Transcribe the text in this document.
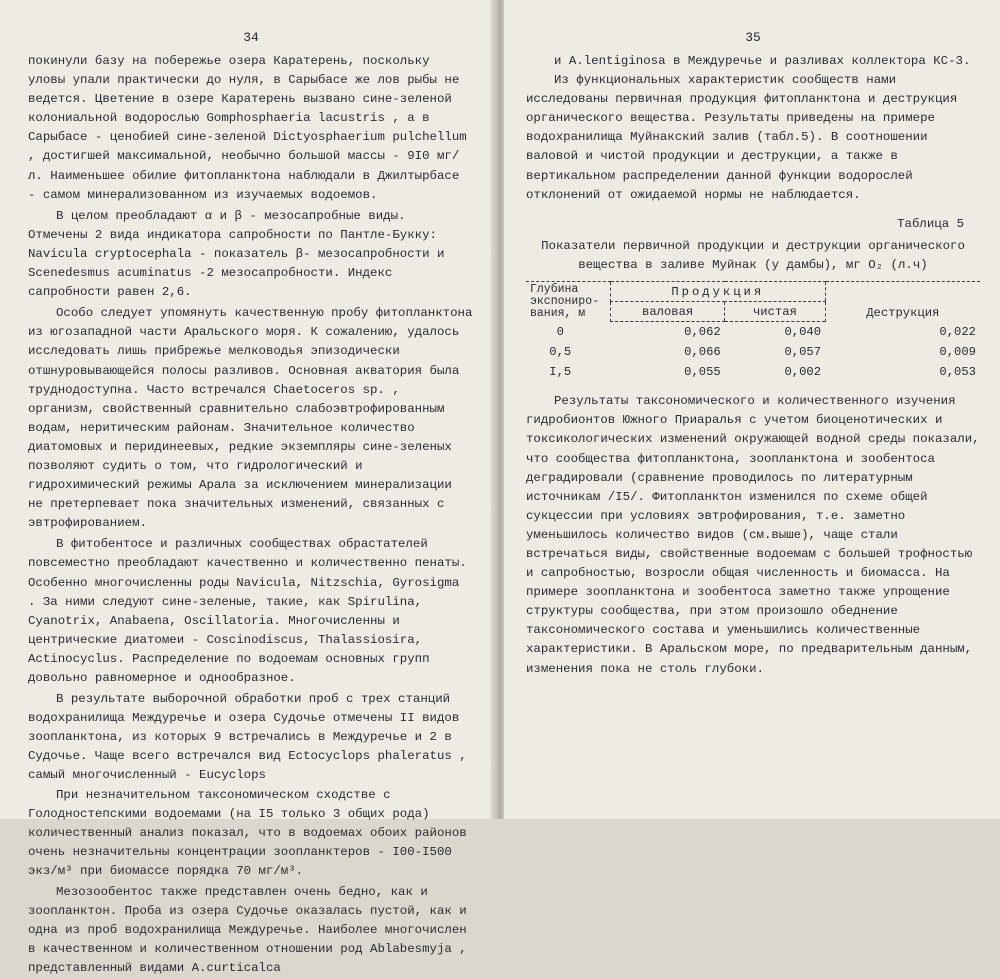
34

покинули базу на побережье озера Каратерень, поскольку уловы упали практически до нуля, в Сарыбасе же лов рыбы не ведется. Цветение в озере Каратерень вызвано сине-зеленой колониальной водорослью Gomphosphaeria lacustris , а в Сарыбасе - ценобией сине-зеленой Dictyosphaerium pulchellum , достигшей максимальной, необычно большой массы - 9I0 мг/л. Наименьшее обилие фитопланктона наблюдали в Джилтырбасе - самом минерализованном из изучаемых водоемов.

В целом преобладают α и β - мезосапробные виды.

Отмечены 2 вида индикатора сапробности по Пантле-Букку: Navicula cryptocephala - показатель β- мезосапробности и Scenedesmus acuminatus -2 мезосапробности. Индекс сапробности равен 2,6.

Особо следует упомянуть качественную пробу фитопланктона из югозападной части Аральского моря. К сожалению, удалось исследовать лишь прибрежье мелководья эпизодически отшнуровывающейся полосы разливов. Основная акватория была труднодоступна. Часто встречался Chaetoceros sp. , организм, свойственный сравнительно слабоэвтрофированным водам, неритическим районам. Значительное количество диатомовых и перидинеевых, редкие экземпляры сине-зеленых позволяют судить о том, что гидрологический и гидрохимический режимы Арала за исключением минерализации не претерпевает пока значительных изменений, связанных с эвтрофированием.

В фитобентосе и различных сообществах обрастателей повсеместно преобладают качественно и количественно пенаты. Особенно многочисленны роды Navicula, Nitzschia, Gyrosigma . За ними следуют сине-зеленые, такие, как Spirulina, Cyanotrix, Anabaena, Oscillatoria. Многочисленны и центрические диатомеи - Coscinodiscus, Thalassiosira, Actinocyclus. Распределение по водоемам основных групп довольно равномерное и однообразное.

В результате выборочной обработки проб с трех станций водохранилища Междуречье и озера Судочье отмечены II видов зоопланктона, из которых 9 встречались в Междуречье и 2 в Судочье. Чаще всего встречался вид Ectocyclops phaleratus , самый многочисленный - Eucyclops

При незначительном таксономическом сходстве с Голодностепскими водоемами (на I5 только 3 общих рода) количественный анализ показал, что в водоемах обоих районов очень незначительны концентрации зоопланктеров - I00-I500 экз/м³ при биомассе порядка 70 мг/м³.

Мезозообентос также представлен очень бедно, как и зоопланктон. Проба из озера Судочье оказалась пустой, как и одна из проб водохранилища Междуречье. Наиболее многочислен в качественном и количественном отношении род Ablabesmyja , представленный видами A.curticalca

35

и A.lentiginosa в Междуречье и разливах коллектора КС-3.

Из функциональных характеристик сообществ нами исследованы первичная продукция фитопланктона и деструкция органического вещества. Результаты приведены на примере водохранилища Муйнакский залив (табл.5). В соотношении валовой и чистой продукции и деструкции, а также в вертикальном распределении данной функции водорослей отклонений от ожидаемой нормы не наблюдается.

Таблица 5
Показатели первичной продукции и деструкции органического
вещества в заливе Муйнак (у дамбы), мг O₂ (л.ч)
Глубина экспониро-вания, м	Продукция		Деструкция
	валовая	чистая	
0	0,062	0,040	0,022
0,5	0,066	0,057	0,009
I,5	0,055	0,002	0,053

Результаты таксономического и количественного изучения гидробионтов Южного Приаралья с учетом биоценотических и токсикологических изменений окружающей водной среды показали, что сообщества фитопланктона, зоопланктона и зообентоса деградировали (сравнение проводилось по литературным источникам /I5/. Фитопланктон изменился по схеме общей сукцессии при условиях эвтрофирования, т.е. заметно уменьшилось количество видов (см.выше), чаще стали встречаться виды, свойственные водоемам с большей трофностью и сапробностью, возросли общая численность и биомасса. На примере зоопланктона и зообентоса заметно также упрощение структуры сообщества, при этом произошло обеднение таксономического состава и уменьшились количественные характеристики. В Аральском море, по предварительным данным, изменения пока не столь глубоки.
